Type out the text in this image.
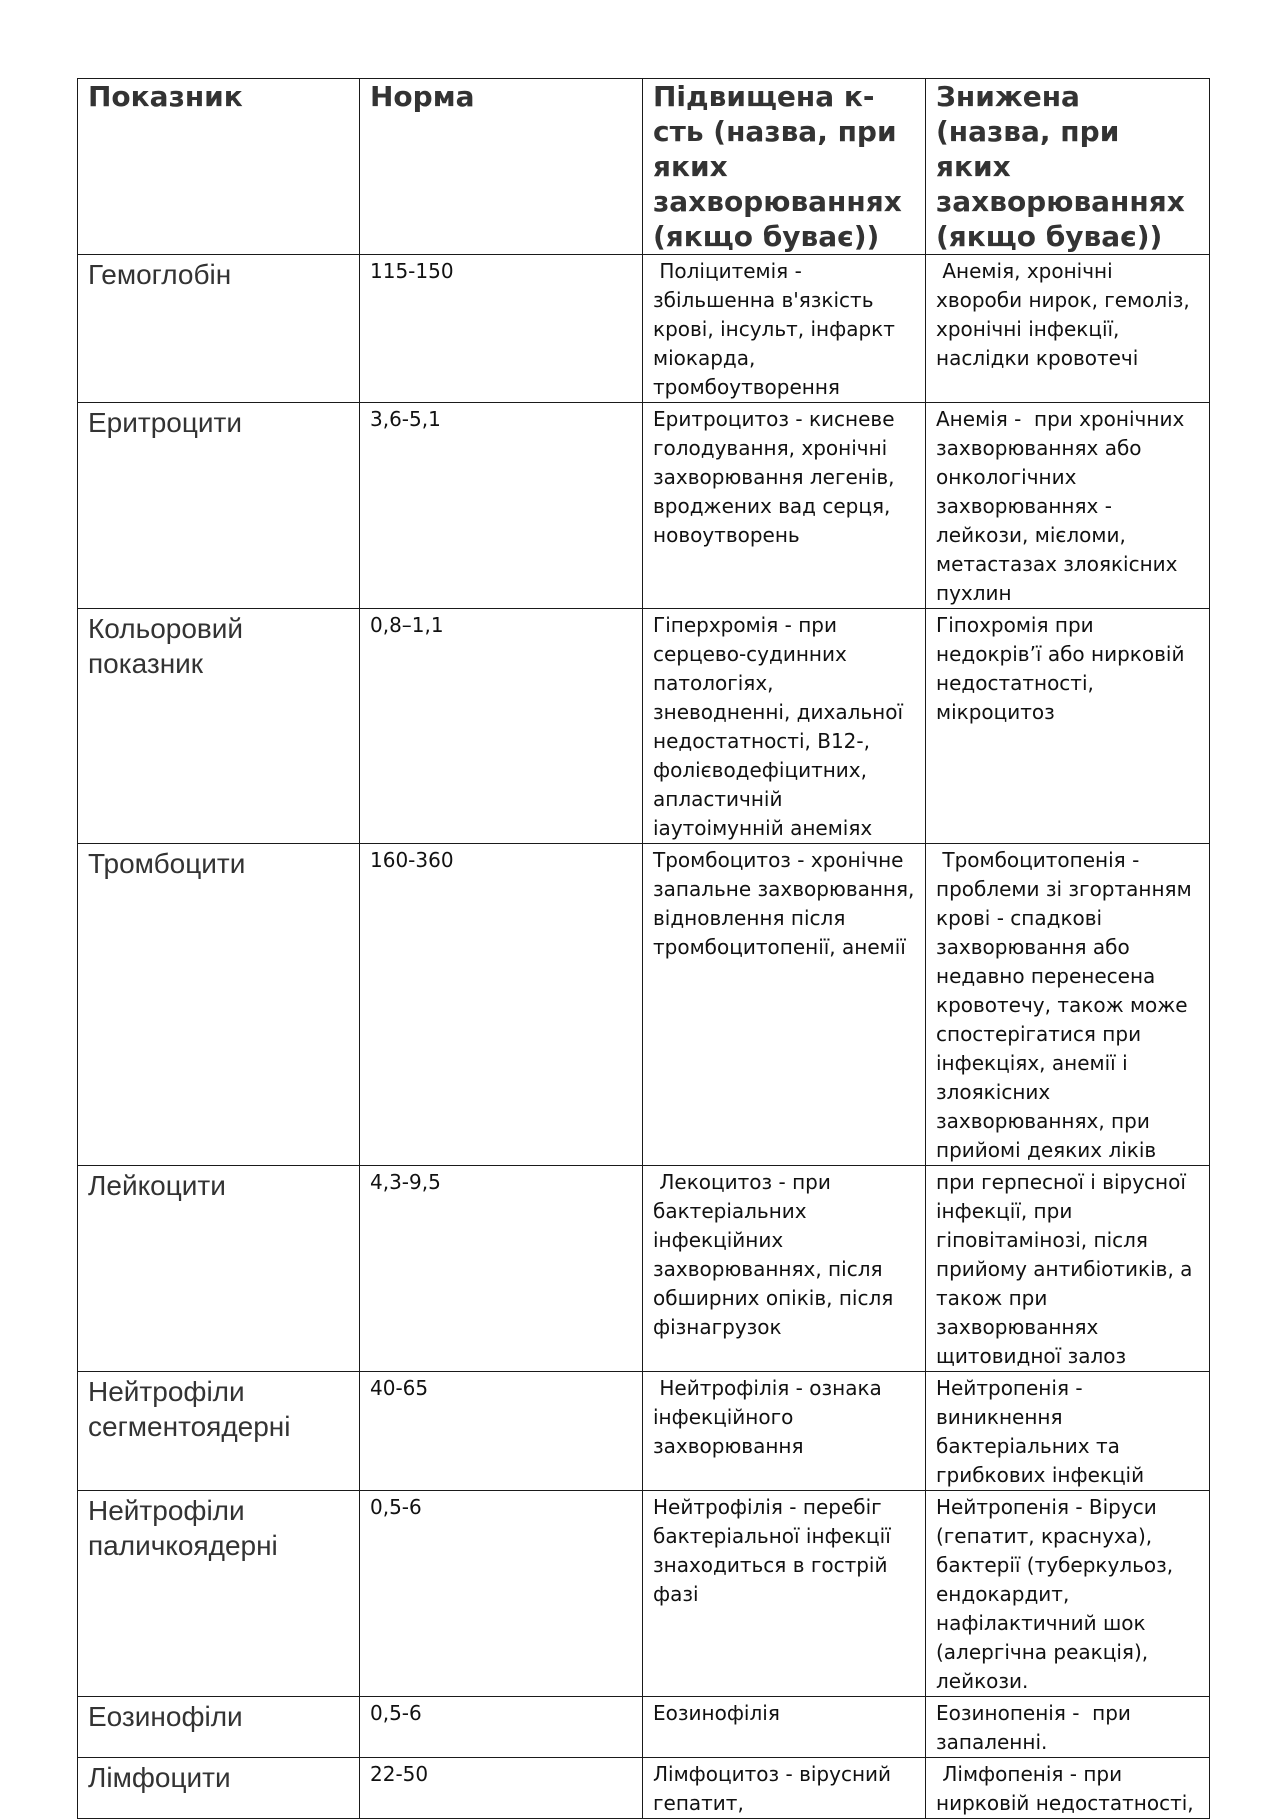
Показник	Норма	Підвищена к-сть (назва, при яких захворюваннях (якщо буває))	Знижена (назва, при яких захворюваннях (якщо буває))
Гемоглобін	115-150	Поліцитемія - збільшенна в'язкість крові, інсульт, інфаркт міокарда, тромбоутворення	Анемія, хронічні хвороби нирок, гемоліз, хронічні інфекції, наслідки кровотечі

Еритроцити	3,6-5,1	Еритроцитоз - кисневе голодування, хронічні захворювання легенів, вроджених вад серця, новоутворень	Анемія -  при хронічних захворюваннях або онкологічних захворюваннях - лейкози, мієломи, метастазах злоякісних пухлин

Кольоровий показник	0,8–1,1	Гіперхромія - при серцево-судинних патологіях, зневодненні, дихальної недостатності, В12-, фолієводефіцитних, апластичній іаутоімунній анеміях	Гіпохромія при недокрів’ї або нирковій недостатності, мікроцитоз

Тромбоцити	160-360	Тромбоцитоз - хронічне запальне захворювання, відновлення після тромбоцитопенії, анемії	Тромбоцитопенія - проблеми зі згортанням крові - спадкові захворювання або недавно перенесена кровотечу, також може спостерігатися при інфекціях, анемії і злоякісних захворюваннях, при прийомі деяких ліків

Лейкоцити	4,3-9,5	Лекоцитоз - при бактеріальних інфекційних захворюваннях, після обширних опіків, після фізнагрузок	при герпесної і вірусної інфекції, при гіповітамінозі, після прийому антибіотиків, а також при захворюваннях щитовидної залоз

Нейтрофіли сегментоядерні	40-65	Нейтрофілія - ознака інфекційного захворювання	Нейтропенія - виникнення бактеріальних та грибкових інфекцій

Нейтрофіли паличкоядерні	0,5-6	Нейтрофілія - перебіг бактеріальної інфекції знаходиться в гострій фазі	Нейтропенія - Віруси (гепатит, краснуха), бактерії (туберкульоз, ендокардит, нафілактичний шок (алергічна реакція), лейкози.

Еозинофіли	0,5-6	Еозинофілія	Еозинопенія -  при запаленні.

Лімфоцити	22-50	Лімфоцитоз - вірусний гепатит,	Лімфопенія - при нирковій недостатності,
